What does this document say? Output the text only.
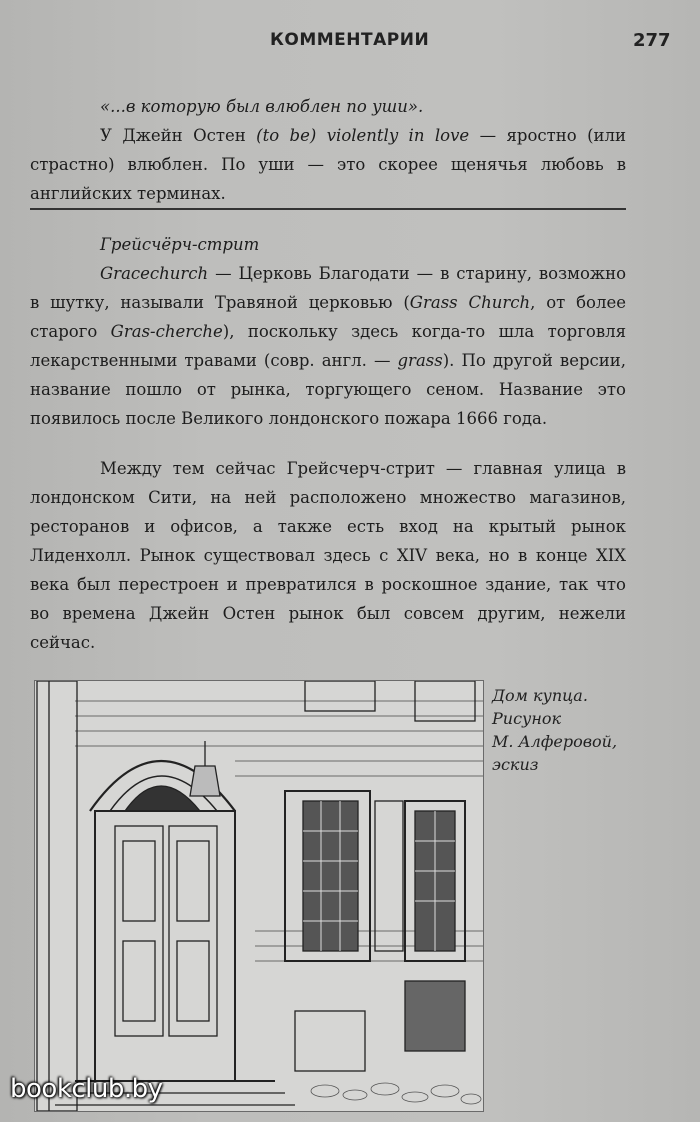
КОММЕНТАРИИ	277

«...в которую был влюблен по уши».

У Джейн Остен (to be) violently in love — яростно (или страстно) влюблен. По уши — это скорее щенячья любовь в английских терминах.

Грейсчёрч-стрит

Gracechurch — Церковь Благодати — в старину, возможно в шутку, называли Травяной церковью (Grass Church, от более старого Gras-cherche), поскольку здесь когда-то шла торговля лекарственными травами (совр. англ. — grass). По другой версии, название пошло от рынка, торгующего сеном. Название это появилось после Великого лондонского пожара 1666 года.

Между тем сейчас Грейсчерч-стрит — главная улица в лондонском Сити, на ней расположено множество магазинов, ресторанов и офисов, а также есть вход на крытый рынок Лиденхолл. Рынок существовал здесь с XIV века, но в конце XIX века был перестроен и превратился в роскошное здание, так что во времена Джейн Остен рынок был совсем другим, нежели сейчас.

Дом купца.
Рисунок
М. Алферовой,
эскиз
bookclub.by
